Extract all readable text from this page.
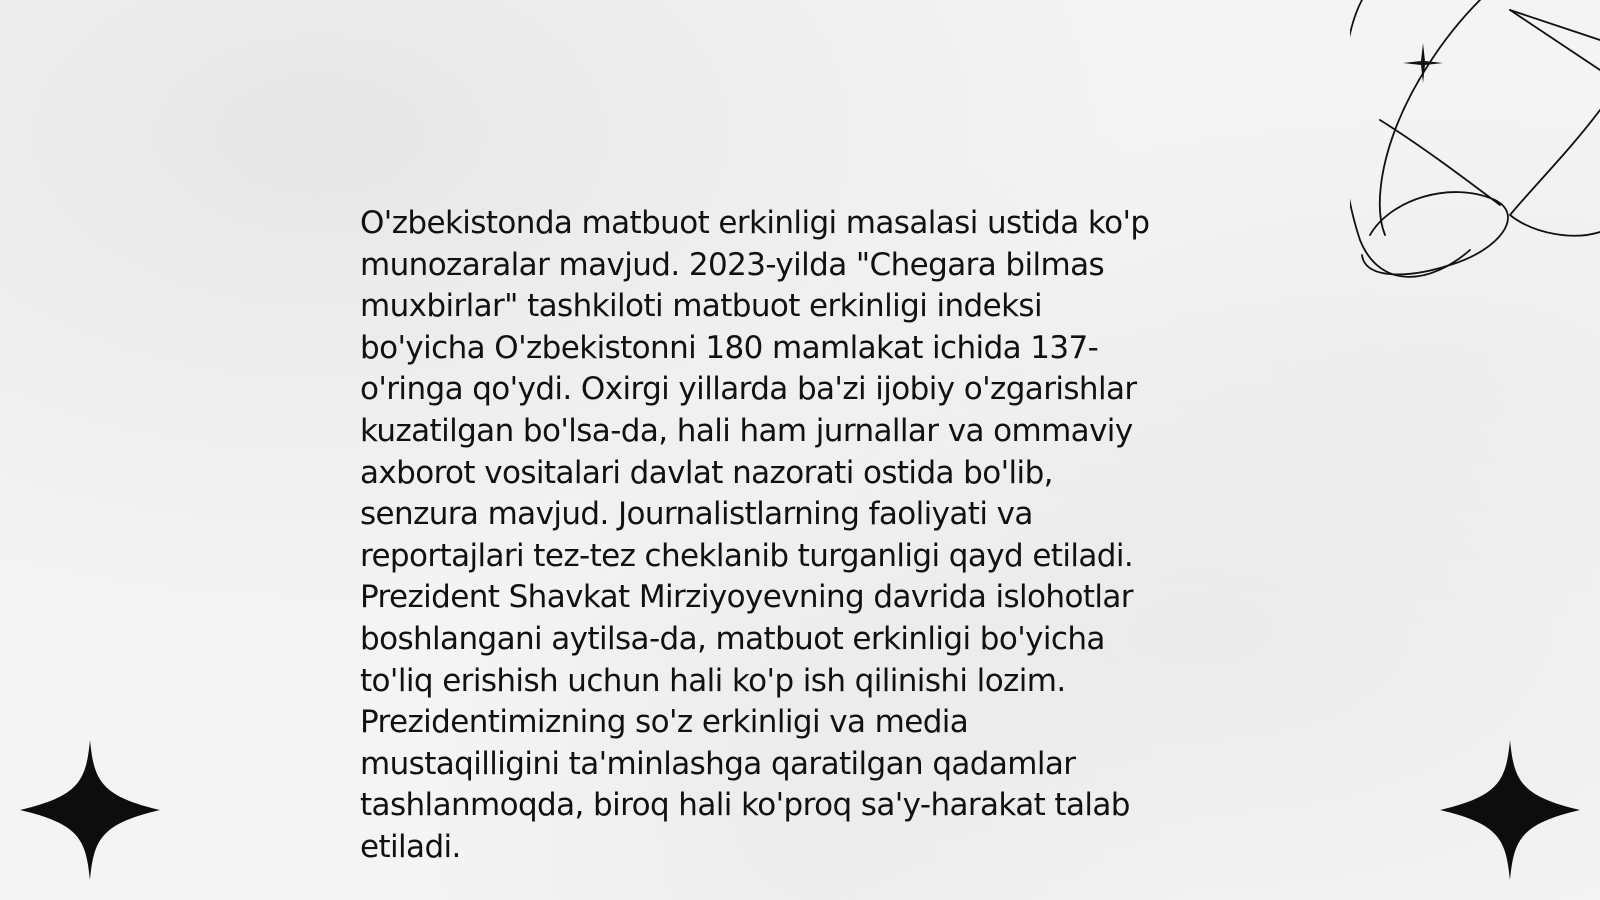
O'zbekistonda matbuot erkinligi masalasi ustida ko'p
munozaralar mavjud. 2023-yilda "Chegara bilmas
muxbirlar" tashkiloti matbuot erkinligi indeksi
bo'yicha O'zbekistonni 180 mamlakat ichida 137-
o'ringa qo'ydi. Oxirgi yillarda ba'zi ijobiy o'zgarishlar
kuzatilgan bo'lsa-da, hali ham jurnallar va ommaviy
axborot vositalari davlat nazorati ostida bo'lib,
senzura mavjud. Journalistlarning faoliyati va
reportajlari tez-tez cheklanib turganligi qayd etiladi.
Prezident Shavkat Mirziyoyevning davrida islohotlar
boshlangani aytilsa-da, matbuot erkinligi bo'yicha
to'liq erishish uchun hali ko'p ish qilinishi lozim.
Prezidentimizning so'z erkinligi va media
mustaqilligini ta'minlashga qaratilgan qadamlar
tashlanmoqda, biroq hali ko'proq sa'y-harakat talab
etiladi.
